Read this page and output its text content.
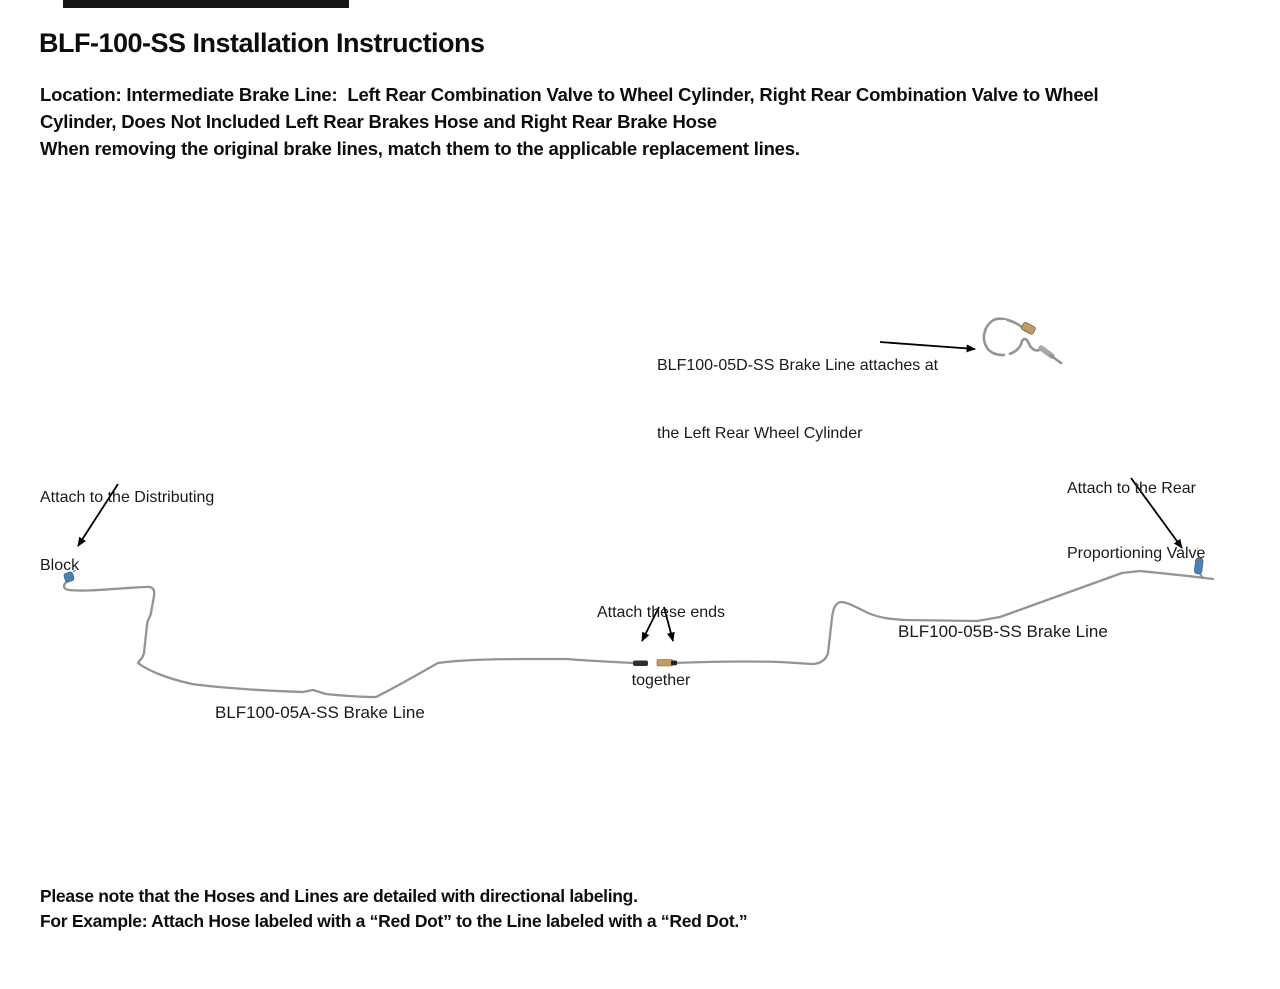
BLF-100-SS Installation Instructions
Location: Intermediate Brake Line:  Left Rear Combination Valve to Wheel Cylinder, Right Rear Combination Valve to Wheel
Cylinder, Does Not Included Left Rear Brakes Hose and Right Rear Brake Hose
When removing the original brake lines, match them to the applicable replacement lines.

BLF100-05D-SS Brake Line attaches at

the Left Rear Wheel Cylinder

Attach to the Distributing

Block

Attach to the Rear

Proportioning Valve

Attach these ends

together

BLF100-05A-SS Brake Line
BLF100-05B-SS Brake Line
Please note that the Hoses and Lines are detailed with directional labeling.
For Example: Attach Hose labeled with a “Red Dot” to the Line labeled with a “Red Dot.”
